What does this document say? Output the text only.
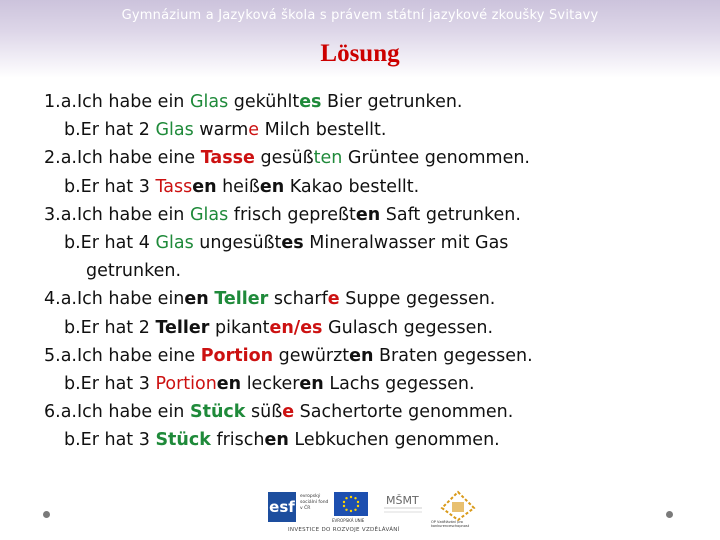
Gymnázium a Jazyková škola s právem státní jazykové zkoušky Svitavy
Lösung
1.a.Ich habe ein Glas gekühltes Bier getrunken.
b.Er hat 2 Glas warme Milch bestellt.
2.a.Ich habe eine Tasse gesüßten Grüntee genommen.
b.Er hat 3 Tassen heißen Kakao bestellt.
3.a.Ich habe ein Glas frisch gepreßten Saft getrunken.
b.Er hat 4 Glas ungesüßtes Mineralwasser mit Gas
getrunken.
4.a.Ich habe einen Teller scharfe Suppe gegessen.
b.Er hat 2 Teller pikanten/es Gulasch gegessen.
5.a.Ich habe eine Portion gewürzten Braten gegessen.
b.Er hat 3 Portionen leckeren Lachs gegessen.
6.a.Ich habe ein Stück süße Sachertorte genommen.
b.Er hat 3 Stück frischen Lebkuchen genommen.
esf
evropský sociální fond v ČR
EVROPSKÁ UNIE
MŠMT
OP Vzdělávání pro konkurenceschopnost
INVESTICE DO ROZVOJE VZDĚLÁVÁNÍ
